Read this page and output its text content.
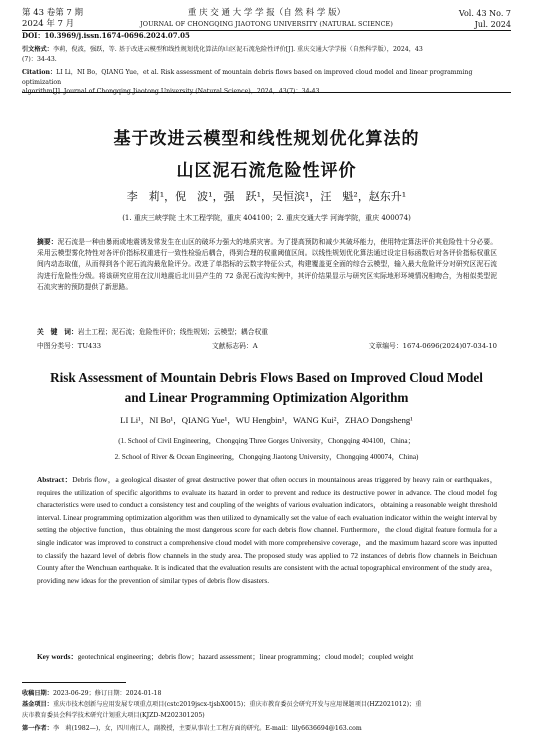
第 43 卷第 7 期
2024 年 7 月
重 庆 交 通 大 学 学 报（自 然 科 学 版）
JOURNAL OF CHONGQING JIAOTONG UNIVERSITY (NATURAL SCIENCE)
Vol. 43 No. 7
Jul. 2024
DOI：10.3969/j.issn.1674-0696.2024.07.05
引文格式：李莉，倪波，强跃，等. 基于改进云模型和线性规划优化算法的山区泥石流危险性评价[J]. 重庆交通大学学报（自然科学版），2024，43
(7)：34-43.
Citation：LI Li，NI Bo，QIANG Yue，et al. Risk assessment of mountain debris flows based on improved cloud model and linear programming optimization
algorithm[J]. Journal of Chongqing Jiaotong University (Natural Science)，2024，43(7)：34-43.
基于改进云模型和线性规划优化算法的
山区泥石流危险性评价
李　莉¹，倪　波¹，强　跃¹，吴恒滨¹，汪　魁²，赵东升¹
(1. 重庆三峡学院 土木工程学院，重庆 404100；2. 重庆交通大学 河海学院，重庆 400074)
摘要：泥石流是一种由暴雨或地震诱发常发生在山区的破坏力强大的地质灾害。为了提高预防和减少其破坏能力，使用特定算法评价其危险性十分必要。采用云模型雾化特性对各评价指标权重进行一致性检验后耦合，得到合理的权重阈值区间。以线性规划优化算法通过设定目标函数后对各评价指标权重区间内动态取值，从而得到各个泥石流沟最危险评分。改进了单指标的云数字特征公式，构建覆盖更全面的综合云模型，输入最大危险评分对研究区泥石流沟进行危险性分级。将该研究应用在汶川地震后北川县产生的 72 条泥石流沟实例中，其评价结果显示与研究区实际地形环境情况相吻合，为相似类型泥石流灾害的预防提供了新思路。
关　键　词：岩土工程；泥石流；危险性评价；线性规划；云模型；耦合权重
中图分类号：TU433	文献标志码：A	文章编号：1674-0696(2024)07-034-10
Risk Assessment of Mountain Debris Flows Based on Improved Cloud Model
and Linear Programming Optimization Algorithm
LI Li¹，NI Bo¹，QIANG Yue¹，WU Hengbin¹，WANG Kui²，ZHAO Dongsheng¹
(1. School of Civil Engineering，Chongqing Three Gorges University，Chongqing 404100，China；
2. School of River & Ocean Engineering，Chongqing Jiaotong University，Chongqing 400074，China)
Abstract：Debris flow，a geological disaster of great destructive power that often occurs in mountainous areas triggered by heavy rain or earthquakes，requires the utilization of specific algorithms to evaluate its hazard in order to prevent and reduce its destructive power in advance. The cloud model fog characteristics were used to conduct a consistency test and coupling of the weights of various evaluation indicators，obtaining a reasonable weight threshold interval. Linear programming optimization algorithm was then utilized to dynamically set the value of each evaluation indicator within the weight interval by setting the objective function，thus obtaining the most dangerous score for each debris flow channel. Furthermore，the cloud digital feature formula for a single indicator was improved to construct a comprehensive cloud model with more comprehensive coverage，and the maximum hazard score was inputted to classify the hazard level of debris flow channels in the study area. The proposed study was applied to 72 instances of debris flow channels in Beichuan County after the Wenchuan earthquake. It is indicated that the evaluation results are consistent with the actual topographical environment of the study area，providing new ideas for the prevention of similar types of debris flow disasters.
Key words：geotechnical engineering；debris flow；hazard assessment；linear programming；cloud model；coupled weight
收稿日期：2023-06-29；修订日期：2024-01-18
基金项目：重庆市技术创新与应用发展专项重点项目(cstc2019jscx-tjsbX0015)；重庆市教育委员会研究开发与应用课题项目(HZ2021012)；重
庆市教育委员会科学技术研究计划重大项目(KJZD-M202301205)
第一作者：李　莉(1982—)，女，四川南江人，副教授，主要从事岩土工程方面的研究。E-mail：lily6636694@163.com
